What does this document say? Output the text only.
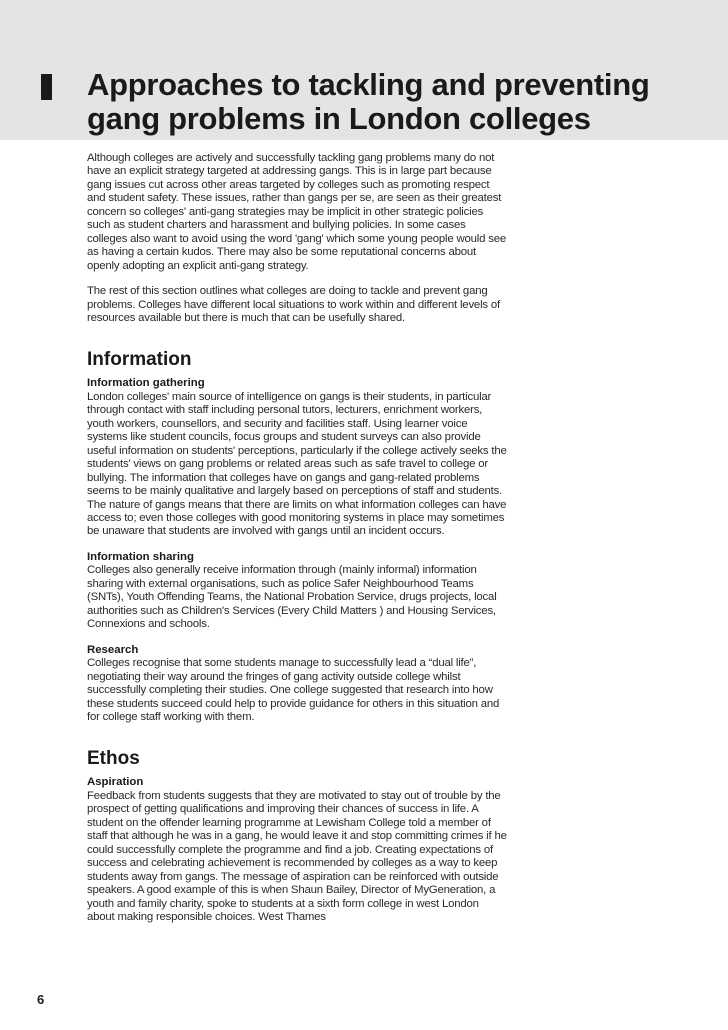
Approaches to tackling and preventing gang problems in London colleges

Although colleges are actively and successfully tackling gang problems many do not have an explicit strategy targeted at addressing gangs. This is in large part because gang issues cut across other areas targeted by colleges such as promoting respect and student safety. These issues, rather than gangs per se, are seen as their greatest concern so colleges' anti-gang strategies may be implicit in other strategic policies such as student charters and harassment and bullying policies. In some cases colleges also want to avoid using the word 'gang' which some young people would see as having a certain kudos. There may also be some reputational concerns about openly adopting an explicit anti-gang strategy.

The rest of this section outlines what colleges are doing to tackle and prevent gang problems. Colleges have different local situations to work within and different levels of resources available but there is much that can be usefully shared.

Information
Information gathering

London colleges' main source of intelligence on gangs is their students, in particular through contact with staff including personal tutors, lecturers, enrichment workers, youth workers, counsellors, and security and facilities staff. Using learner voice systems like student councils, focus groups and student surveys can also provide useful information on students' perceptions, particularly if the college actively seeks the students' views on gang problems or related areas such as safe travel to college or bullying. The information that colleges have on gangs and gang-related problems seems to be mainly qualitative and largely based on perceptions of staff and students. The nature of gangs means that there are limits on what information colleges can have access to; even those colleges with good monitoring systems in place may sometimes be unaware that students are involved with gangs until an incident occurs.

Information sharing

Colleges also generally receive information through (mainly informal) information sharing with external organisations, such as police Safer Neighbourhood Teams (SNTs), Youth Offending Teams, the National Probation Service, drugs projects, local authorities such as Children's Services (Every Child Matters ) and Housing Services, Connexions and schools.

Research

Colleges recognise that some students manage to successfully lead a “dual life”, negotiating their way around the fringes of gang activity outside college whilst successfully completing their studies. One college suggested that research into how these students succeed could help to provide guidance for others in this situation and for college staff working with them.

Ethos
Aspiration

Feedback from students suggests that they are motivated to stay out of trouble by the prospect of getting qualifications and improving their chances of success in life. A student on the offender learning programme at Lewisham College told a member of staff that although he was in a gang, he would leave it and stop committing crimes if he could successfully complete the programme and find a job. Creating expectations of success and celebrating achievement is recommended by colleges as a way to keep students away from gangs. The message of aspiration can be reinforced with outside speakers. A good example of this is when Shaun Bailey, Director of MyGeneration, a youth and family charity, spoke to students at a sixth form college in west London about making responsible choices. West Thames

6
